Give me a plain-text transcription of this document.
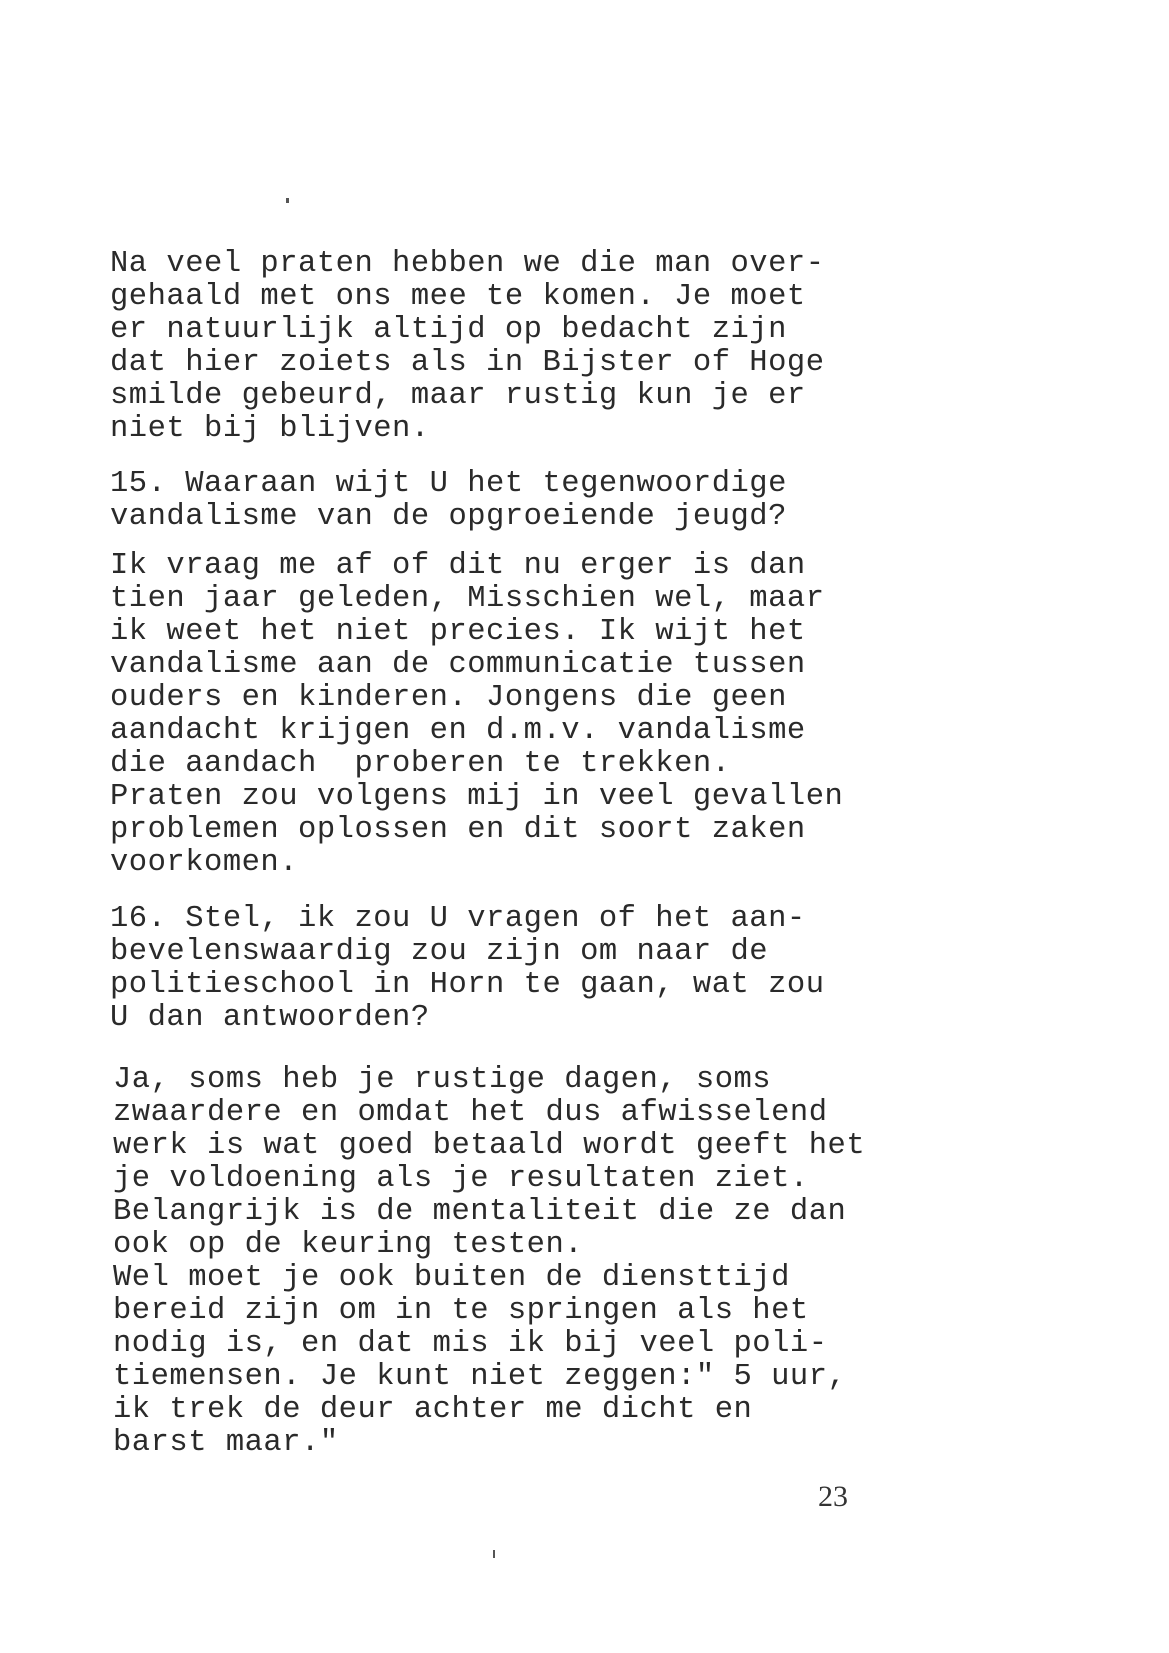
Na veel praten hebben we die man over-
gehaald met ons mee te komen. Je moet
er natuurlijk altijd op bedacht zijn
dat hier zoiets als in Bijster of Hoge
smilde gebeurd, maar rustig kun je er
niet bij blijven.
15. Waaraan wijt U het tegenwoordige
vandalisme van de opgroeiende jeugd?
Ik vraag me af of dit nu erger is dan
tien jaar geleden, Misschien wel, maar
ik weet het niet precies. Ik wijt het
vandalisme aan de communicatie tussen
ouders en kinderen. Jongens die geen
aandacht krijgen en d.m.v. vandalisme
die aandach  proberen te trekken.
Praten zou volgens mij in veel gevallen
problemen oplossen en dit soort zaken
voorkomen.
16. Stel, ik zou U vragen of het aan-
bevelenswaardig zou zijn om naar de
politieschool in Horn te gaan, wat zou
U dan antwoorden?
Ja, soms heb je rustige dagen, soms
zwaardere en omdat het dus afwisselend
werk is wat goed betaald wordt geeft het
je voldoening als je resultaten ziet.
Belangrijk is de mentaliteit die ze dan
ook op de keuring testen.
Wel moet je ook buiten de diensttijd
bereid zijn om in te springen als het
nodig is, en dat mis ik bij veel poli-
tiemensen. Je kunt niet zeggen:" 5 uur,
ik trek de deur achter me dicht en
barst maar."
23
